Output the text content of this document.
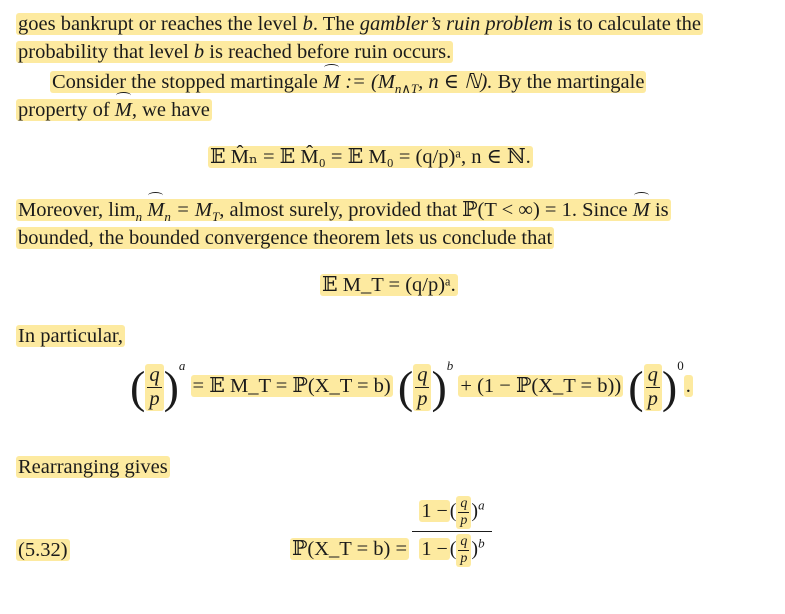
goes bankrupt or reaches the level b. The gambler’s ruin problem is to calculate the
probability that level b is reached before ruin occurs.
Consider the stopped martingale M := ($M_{n\wedge T}$, n ∈ ℕ). By the martingale
property of M, we have
𝔼 M̂ₙ = 𝔼 M̂₀ = 𝔼 M₀ = (q/p)ᵃ, n ∈ ℕ.
Moreover, $\lim_n M_n = M_T$, almost surely, provided that ℙ(T < ∞) = 1. Since M is
bounded, the bounded convergence theorem lets us conclude that
𝔼 M_T = (q/p)ᵃ.
In particular,
( $\frac{q}{p} )^a$ = 𝔼 M_T = ℙ(X_T = b) ( $\frac{q}{p} )^b + (1$ − ℙ(X_T = b)) ( $\frac{q}{p} )^0$.
Rearranging gives
(5.32)	ℙ(X_T = b) =
1 − ( $\frac{q}{p} )^a$
1 − ( $\frac{q}{p} )^b$
